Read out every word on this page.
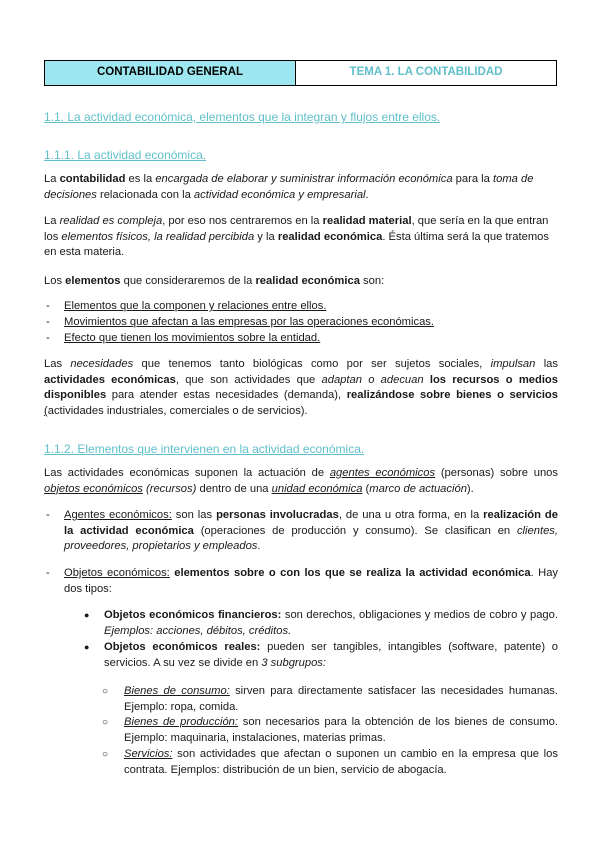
CONTABILIDAD GENERAL	TEMA 1. LA CONTABILIDAD
1.1. La actividad económica, elementos que la integran y flujos entre ellos.
1.1.1. La actividad económica.
La contabilidad es la encargada de elaborar y suministrar información económica para la toma de decisiones relacionada con la actividad económica y empresarial.
La realidad es compleja, por eso nos centraremos en la realidad material, que sería en la que entran los elementos físicos, la realidad percibida y la realidad económica. Ésta última será la que tratemos en esta materia.
Los elementos que consideraremos de la realidad económica son:
- Elementos que la componen y relaciones entre ellos.
- Movimientos que afectan a las empresas por las operaciones económicas.
- Efecto que tienen los movimientos sobre la entidad.
Las necesidades que tenemos tanto biológicas como por ser sujetos sociales, impulsan las actividades económicas, que son actividades que adaptan o adecuan los recursos o medios disponibles para atender estas necesidades (demanda), realizándose sobre bienes o servicios (actividades industriales, comerciales o de servicios).
1.1.2. Elementos que intervienen en la actividad económica.
Las actividades económicas suponen la actuación de agentes económicos (personas) sobre unos objetos económicos (recursos) dentro de una unidad económica (marco de actuación).
- Agentes económicos: son las personas involucradas, de una u otra forma, en la realización de la actividad económica (operaciones de producción y consumo). Se clasifican en clientes, proveedores, propietarios y empleados.
- Objetos económicos: elementos sobre o con los que se realiza la actividad económica. Hay dos tipos:
● Objetos económicos financieros: son derechos, obligaciones y medios de cobro y pago. Ejemplos: acciones, débitos, créditos.
● Objetos económicos reales: pueden ser tangibles, intangibles (software, patente) o servicios. A su vez se divide en 3 subgrupos:
○ Bienes de consumo: sirven para directamente satisfacer las necesidades humanas. Ejemplo: ropa, comida.
○ Bienes de producción: son necesarios para la obtención de los bienes de consumo. Ejemplo: maquinaria, instalaciones, materias primas.
○ Servicios: son actividades que afectan o suponen un cambio en la empresa que los contrata. Ejemplos: distribución de un bien, servicio de abogacía.
